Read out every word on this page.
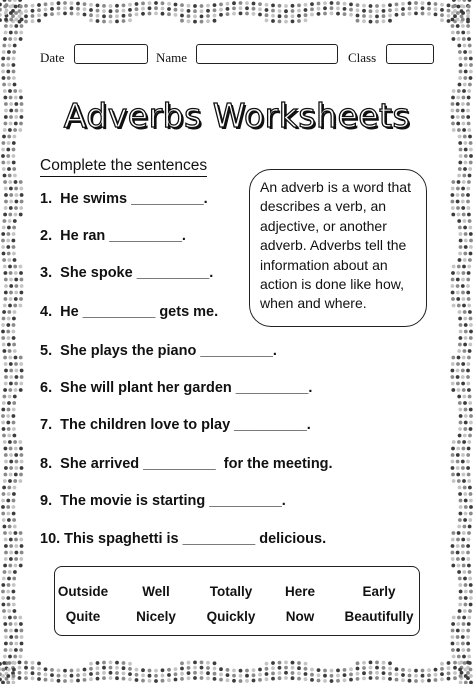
Date	Name	Class
Adverbs Worksheets
Complete the sentences
1.  He swims _________.
2.  He ran _________.
3.  She spoke _________.
4.  He _________ gets me.
5.  She plays the piano _________.
6.  She will plant her garden _________.
7.  The children love to play _________.
8.  She arrived _________  for the meeting.
9.  The movie is starting _________.
10. This spaghetti is _________ delicious.
An adverb is a word that describes a verb, an adjective, or another adverb. Adverbs tell the information about an action is done like how, when and where.
Outside	Well	Totally Here	Early
Quite	Nicely Quickly Now Beautifully
